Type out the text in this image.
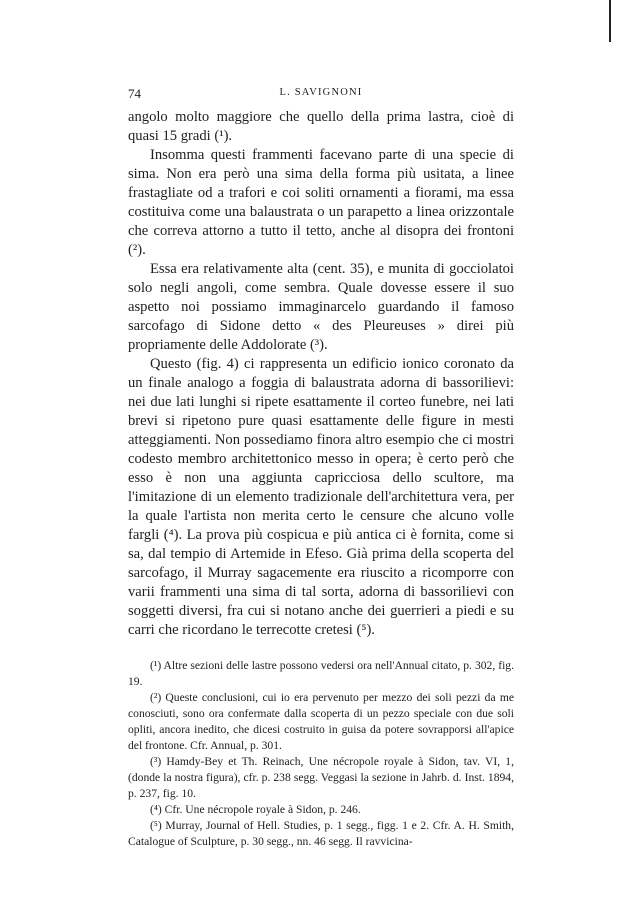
74	L. SAVIGNONI

angolo molto maggiore che quello della prima lastra, cioè di quasi 15 gradi (¹).

Insomma questi frammenti facevano parte di una specie di sima. Non era però una sima della forma più usitata, a linee frastagliate od a trafori e coi soliti ornamenti a fiorami, ma essa costituiva come una balaustrata o un parapetto a linea orizzontale che correva attorno a tutto il tetto, anche al disopra dei frontoni (²).

Essa era relativamente alta (cent. 35), e munita di gocciolatoi solo negli angoli, come sembra. Quale dovesse essere il suo aspetto noi possiamo immaginarcelo guardando il famoso sarcofago di Sidone detto « des Pleureuses » direi più propriamente delle Addolorate (³).

Questo (fig. 4) ci rappresenta un edificio ionico coronato da un finale analogo a foggia di balaustrata adorna di bassorilievi: nei due lati lunghi si ripete esattamente il corteo funebre, nei lati brevi si ripetono pure quasi esattamente delle figure in mesti atteggiamenti. Non possediamo finora altro esempio che ci mostri codesto membro architettonico messo in opera; è certo però che esso è non una aggiunta capricciosa dello scultore, ma l'imitazione di un elemento tradizionale dell'architettura vera, per la quale l'artista non merita certo le censure che alcuno volle fargli (⁴). La prova più cospicua e più antica ci è fornita, come si sa, dal tempio di Artemide in Efeso. Già prima della scoperta del sarcofago, il Murray sagacemente era riuscito a ricomporre con varii frammenti una sima di tal sorta, adorna di bassorilievi con soggetti diversi, fra cui si notano anche dei guerrieri a piedi e su carri che ricordano le terrecotte cretesi (⁵).

(¹) Altre sezioni delle lastre possono vedersi ora nell'Annual citato, p. 302, fig. 19.

(²) Queste conclusioni, cui io era pervenuto per mezzo dei soli pezzi da me conosciuti, sono ora confermate dalla scoperta di un pezzo speciale con due soli opliti, ancora inedito, che dicesi costruito in guisa da potere sovrapporsi all'apice del frontone. Cfr. Annual, p. 301.

(³) Hamdy-Bey et Th. Reinach, Une nécropole royale à Sidon, tav. VI, 1, (donde la nostra figura), cfr. p. 238 segg. Veggasi la sezione in Jahrb. d. Inst. 1894, p. 237, fig. 10.

(⁴) Cfr. Une nécropole royale à Sidon, p. 246.

(⁵) Murray, Journal of Hell. Studies, p. 1 segg., figg. 1 e 2. Cfr. A. H. Smith, Catalogue of Sculpture, p. 30 segg., nn. 46 segg. Il ravvicina-
